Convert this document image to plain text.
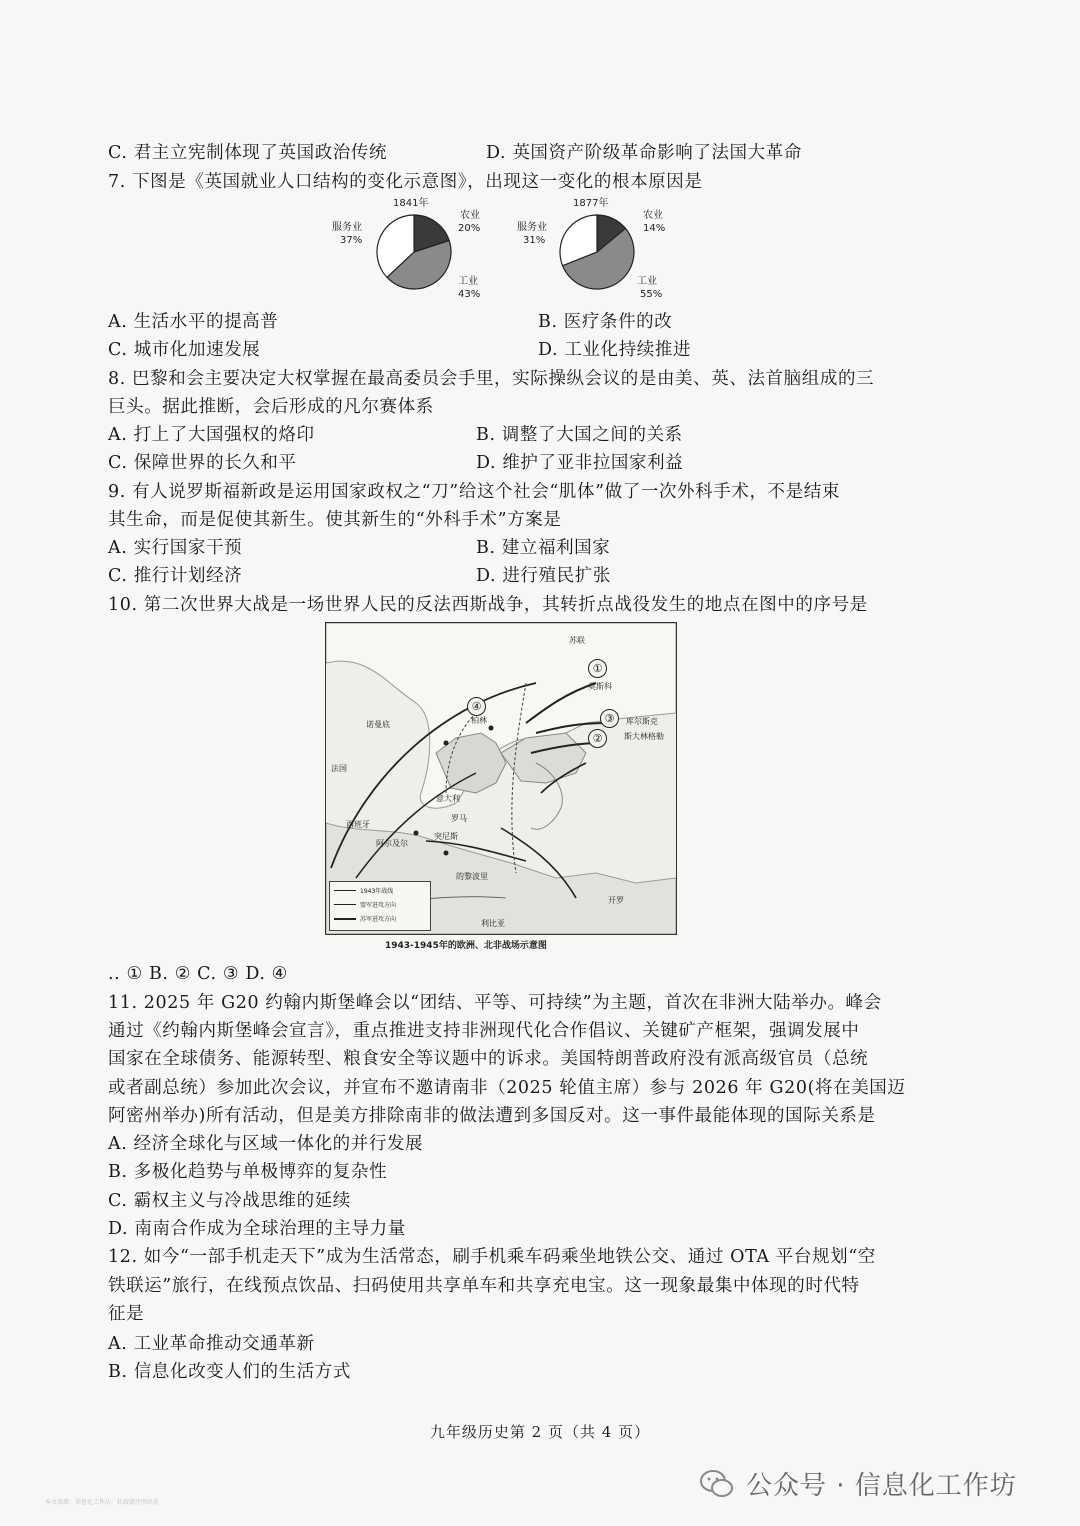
C. 君主立宪制体现了英国政治传统	D. 英国资产阶级革命影响了法国大革命
7. 下图是《英国就业人口结构的变化示意图》，出现这一变化的根本原因是
1841年
服务业
37%
农业
20%
工业
43%
1877年
服务业
31%
农业
14%
工业
55%
A. 生活水平的提高普	B. 医疗条件的改
C. 城市化加速发展	D. 工业化持续推进
8. 巴黎和会主要决定大权掌握在最高委员会手里，实际操纵会议的是由美、英、法首脑组成的三
巨头。据此推断，会后形成的凡尔赛体系
A. 打上了大国强权的烙印	B. 调整了大国之间的关系
C. 保障世界的长久和平	D. 维护了亚非拉国家利益
9. 有人说罗斯福新政是运用国家政权之“刀”给这个社会“肌体”做了一次外科手术，不是结束
其生命，而是促使其新生。使其新生的“外科手术”方案是
A. 实行国家干预	B. 建立福利国家
C. 推行计划经济	D. 进行殖民扩张
10. 第二次世界大战是一场世界人民的反法西斯战争，其转折点战役发生的地点在图中的序号是
苏联
莫斯科
库尔斯克
斯大林格勒
柏林
诺曼底
法国
西班牙
意大利
罗马
阿尔及尔
突尼斯
的黎波里
利比亚
开罗
①
②
③
④
1943年战线
盟军进攻方向
苏军进攻方向
1943-1945年的欧洲、北非战场示意图
.. ① B. ② C. ③ D. ④
11. 2025 年 G20 约翰内斯堡峰会以“团结、平等、可持续”为主题，首次在非洲大陆举办。峰会
通过《约翰内斯堡峰会宣言》，重点推进支持非洲现代化合作倡议、关键矿产框架，强调发展中
国家在全球债务、能源转型、粮食安全等议题中的诉求。美国特朗普政府没有派高级官员（总统
或者副总统）参加此次会议，并宣布不邀请南非（2025 轮值主席）参与 2026 年 G20(将在美国迈
阿密州举办)所有活动，但是美方排除南非的做法遭到多国反对。这一事件最能体现的国际关系是
A. 经济全球化与区域一体化的并行发展
B. 多极化趋势与单极博弈的复杂性
C. 霸权主义与冷战思维的延续
D. 南南合作成为全球治理的主导力量
12. 如今“一部手机走天下”成为生活常态，刷手机乘车码乘坐地铁公交、通过 OTA 平台规划“空
铁联运”旅行，在线预点饮品、扫码使用共享单车和共享充电宝。这一现象最集中体现的时代特
征是
A. 工业革命推动交通革新
B. 信息化改变人们的生活方式
九年级历史第 2 页（共 4 页）
公众号 · 信息化工作坊
本文来源：信息化工作坊，转载请注明出处
